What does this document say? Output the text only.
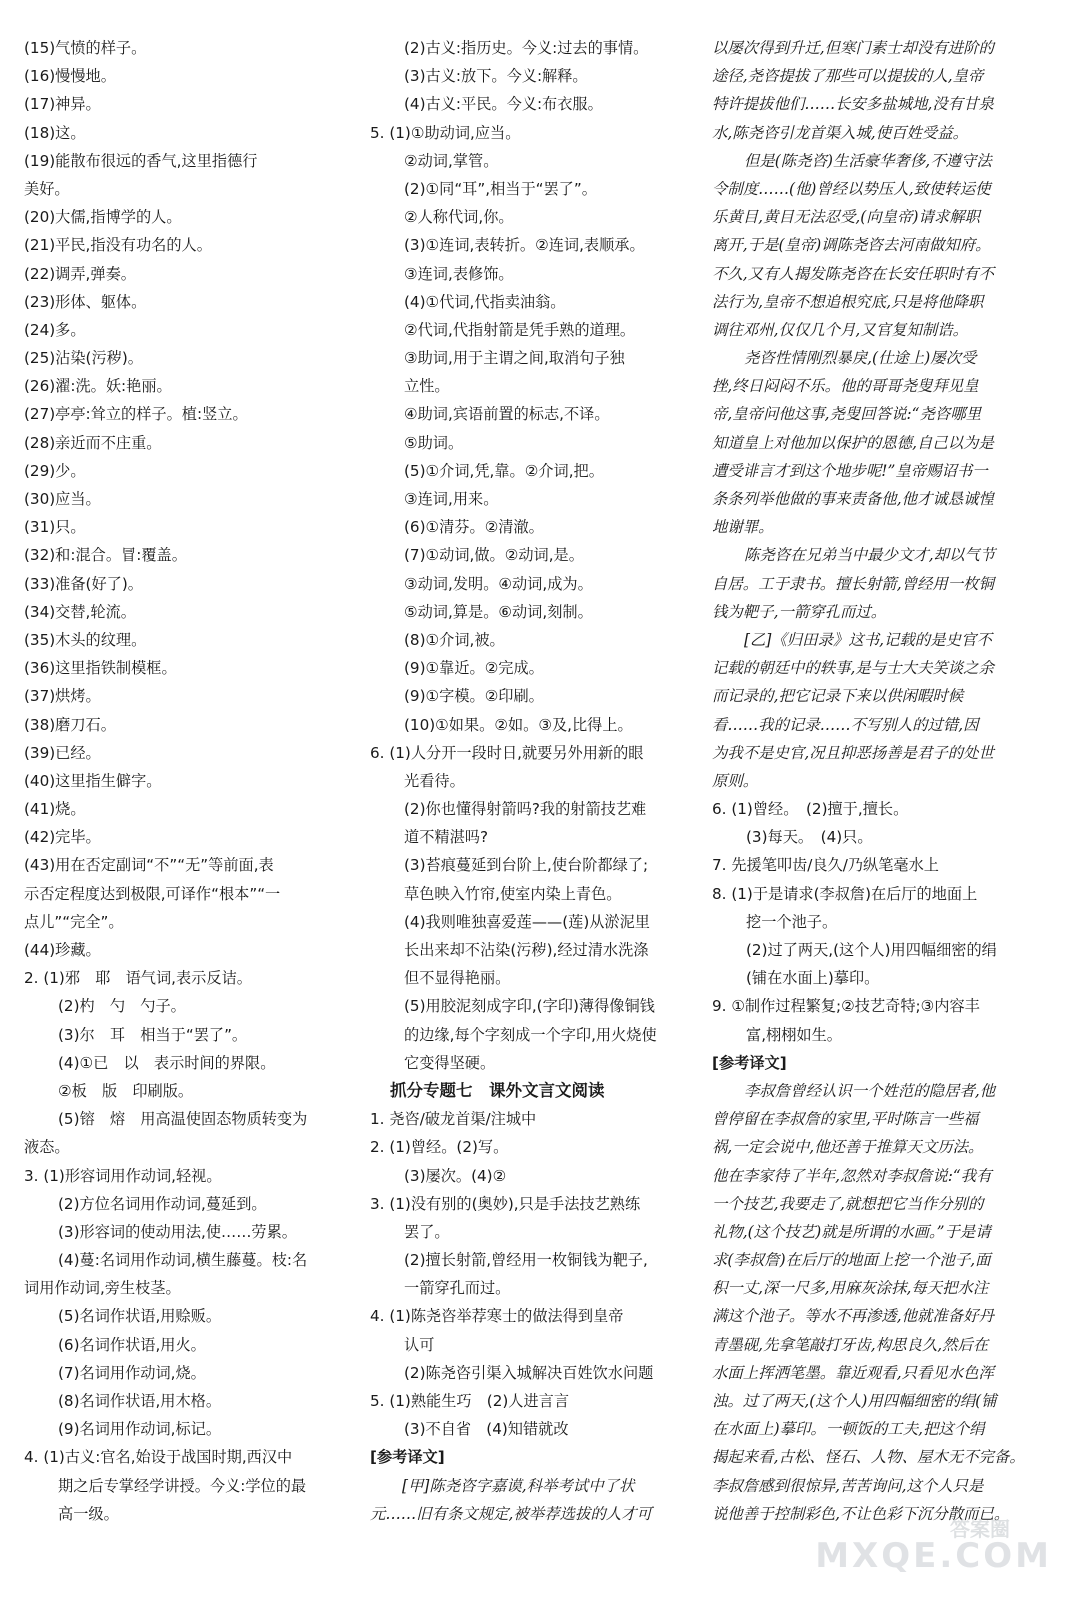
(15)气愤的样子。
(16)慢慢地。
(17)神异。
(18)这。
(19)能散布很远的香气,这里指德行
美好。
(20)大儒,指博学的人。
(21)平民,指没有功名的人。
(22)调弄,弹奏。
(23)形体、躯体。
(24)多。
(25)沾染(污秽)。
(26)濯:洗。妖:艳丽。
(27)亭亭:耸立的样子。植:竖立。
(28)亲近而不庄重。
(29)少。
(30)应当。
(31)只。
(32)和:混合。冒:覆盖。
(33)准备(好了)。
(34)交替,轮流。
(35)木头的纹理。
(36)这里指铁制模框。
(37)烘烤。
(38)磨刀石。
(39)已经。
(40)这里指生僻字。
(41)烧。
(42)完毕。
(43)用在否定副词“不”“无”等前面,表
示否定程度达到极限,可译作“根本”“一
点儿”“完全”。
(44)珍藏。
2. (1)邪　耶　语气词,表示反诘。
(2)杓　勺　勺子。
(3)尔　耳　相当于“罢了”。
(4)①已　以　表示时间的界限。
②板　版　印刷版。
(5)镕　熔　用高温使固态物质转变为
液态。
3. (1)形容词用作动词,轻视。
(2)方位名词用作动词,蔓延到。
(3)形容词的使动用法,使……劳累。
(4)蔓:名词用作动词,横生藤蔓。枝:名
词用作动词,旁生枝茎。
(5)名词作状语,用赊贩。
(6)名词作状语,用火。
(7)名词用作动词,烧。
(8)名词作状语,用木格。
(9)名词用作动词,标记。
4. (1)古义:官名,始设于战国时期,西汉中
期之后专掌经学讲授。今义:学位的最
高一级。
(2)古义:指历史。今义:过去的事情。
(3)古义:放下。今义:解释。
(4)古义:平民。今义:布衣服。
5. (1)①助动词,应当。
②动词,掌管。
(2)①同“耳”,相当于“罢了”。
②人称代词,你。
(3)①连词,表转折。②连词,表顺承。
③连词,表修饰。
(4)①代词,代指卖油翁。
②代词,代指射箭是凭手熟的道理。
③助词,用于主谓之间,取消句子独
立性。
④助词,宾语前置的标志,不译。
⑤助词。
(5)①介词,凭,靠。②介词,把。
③连词,用来。
(6)①清芬。②清澈。
(7)①动词,做。②动词,是。
③动词,发明。④动词,成为。
⑤动词,算是。⑥动词,刻制。
(8)①介词,被。
(9)①靠近。②完成。
(9)①字模。②印刷。
(10)①如果。②如。③及,比得上。
6. (1)人分开一段时日,就要另外用新的眼
光看待。
(2)你也懂得射箭吗?我的射箭技艺难
道不精湛吗?
(3)苔痕蔓延到台阶上,使台阶都绿了;
草色映入竹帘,使室内染上青色。
(4)我则唯独喜爱莲——(莲)从淤泥里
长出来却不沾染(污秽),经过清水洗涤
但不显得艳丽。
(5)用胶泥刻成字印,(字印)薄得像铜钱
的边缘,每个字刻成一个字印,用火烧使
它变得坚硬。
抓分专题七　课外文言文阅读
1. 尧咨/破龙首渠/注城中
2. (1)曾经。(2)写。
(3)屡次。(4)②
3. (1)没有别的(奥妙),只是手法技艺熟练
罢了。
(2)擅长射箭,曾经用一枚铜钱为靶子,
一箭穿孔而过。
4. (1)陈尧咨举荐寒士的做法得到皇帝
认可
(2)陈尧咨引渠入城解决百姓饮水问题
5. (1)熟能生巧　(2)人进言言
(3)不自省　(4)知错就改
[参考译文]
[甲]陈尧咨字嘉谟,科举考试中了状
元……旧有条文规定,被举荐选拔的人才可
以屡次得到升迁,但寒门素士却没有进阶的
途径,尧咨提拔了那些可以提拔的人,皇帝
特许提拔他们……长安多盐城地,没有甘泉
水,陈尧咨引龙首渠入城,使百姓受益。
但是(陈尧咨)生活豪华奢侈,不遵守法
令制度……(他)曾经以势压人,致使转运使
乐黄目,黄目无法忍受,(向皇帝)请求解职
离开,于是(皇帝)调陈尧咨去河南做知府。
不久,又有人揭发陈尧咨在长安任职时有不
法行为,皇帝不想追根究底,只是将他降职
调往邓州,仅仅几个月,又官复知制诰。
尧咨性情刚烈暴戾,(仕途上)屡次受
挫,终日闷闷不乐。他的哥哥尧叟拜见皇
帝,皇帝问他这事,尧叟回答说:“尧咨哪里
知道皇上对他加以保护的恩德,自己以为是
遭受诽言才到这个地步呢!”皇帝赐诏书一
条条列举他做的事来责备他,他才诚恳诚惶
地谢罪。
陈尧咨在兄弟当中最少文才,却以气节
自居。工于隶书。擅长射箭,曾经用一枚铜
钱为靶子,一箭穿孔而过。
[乙]《归田录》这书,记载的是史官不
记载的朝廷中的轶事,是与士大夫笑谈之余
而记录的,把它记录下来以供闲暇时候
看……我的记录……不写别人的过错,因
为我不是史官,况且抑恶扬善是君子的处世
原则。
6. (1)曾经。　(2)擅于,擅长。
(3)每天。　(4)只。
7. 先援笔叩齿/良久/乃纵笔毫水上
8. (1)于是请求(李叔詹)在后厅的地面上
挖一个池子。
(2)过了两天,(这个人)用四幅细密的绢
(铺在水面上)摹印。
9. ①制作过程繁复;②技艺奇特;③内容丰
富,栩栩如生。
[参考译文]
李叔詹曾经认识一个姓范的隐居者,他
曾停留在李叔詹的家里,平时陈言一些福
祸,一定会说中,他还善于推算天文历法。
他在李家待了半年,忽然对李叔詹说:“我有
一个技艺,我要走了,就想把它当作分别的
礼物,(这个技艺)就是所谓的水画。”于是请
求(李叔詹)在后厅的地面上挖一个池子,面
积一丈,深一尺多,用麻灰涂抹,每天把水注
满这个池子。等水不再渗透,他就准备好丹
青墨砚,先拿笔敲打牙齿,构思良久,然后在
水面上挥洒笔墨。靠近观看,只看见水色浑
浊。过了两天,(这个人)用四幅细密的绢(铺
在水面上)摹印。一顿饭的工夫,把这个绢
揭起来看,古松、怪石、人物、屋木无不完备。
李叔詹感到很惊异,苦苦询问,这个人只是
说他善于控制彩色,不让色彩下沉分散而已。
答案圈
MXQE.COM
